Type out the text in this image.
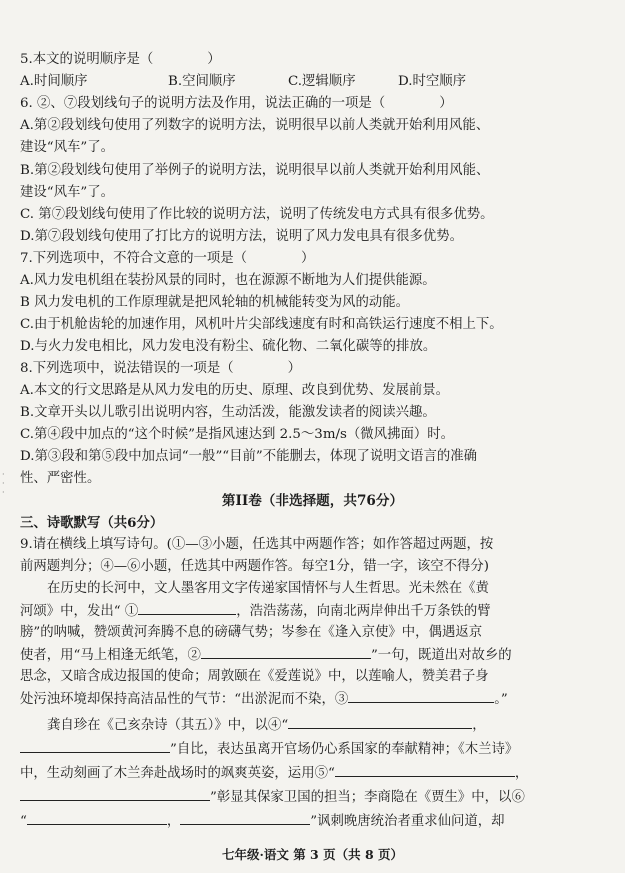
·
·
·
5.本文的说明顺序是（	）
A.时间顺序	B.空间顺序	C.逻辑顺序	D.时空顺序
6. ②、⑦段划线句子的说明方法及作用，说法正确的一项是（	）
A.第②段划线句使用了列数字的说明方法，说明很早以前人类就开始利用风能、
建设“风车”了。
B.第②段划线句使用了举例子的说明方法，说明很早以前人类就开始利用风能、
建设“风车”了。
C. 第⑦段划线句使用了作比较的说明方法，说明了传统发电方式具有很多优势。
D.第⑦段划线句使用了打比方的说明方法，说明了风力发电具有很多优势。
7.下列选项中，不符合文意的一项是（	）
A.风力发电机组在装扮风景的同时，也在源源不断地为人们提供能源。
B 风力发电机的工作原理就是把风轮轴的机械能转变为风的动能。
C.由于机舱齿轮的加速作用，风机叶片尖部线速度有时和高铁运行速度不相上下。
D.与火力发电相比，风力发电没有粉尘、硫化物、二氧化碳等的排放。
8.下列选项中，说法错误的一项是（	）
A.本文的行文思路是从风力发电的历史、原理、改良到优势、发展前景。
B.文章开头以儿歌引出说明内容，生动活泼，能激发读者的阅读兴趣。
C.第④段中加点的“这个时候”是指风速达到 2.5～3m/s（微风拂面）时。
D.第③段和第⑤段中加点词“一般”“目前”不能删去，体现了说明文语言的准确
性、严密性。
第II卷（非选择题，共76分）
三、诗歌默写（共6分）
9.请在横线上填写诗句。(①—③小题，任选其中两题作答；如作答超过两题，按
前两题判分；④—⑥小题，任选其中两题作答。每空1分，错一字，该空不得分)
在历史的长河中，文人墨客用文字传递家国情怀与人生哲思。光未然在《黄
河颂》中，发出“ ①	，浩浩荡荡，向南北两岸伸出千万条铁的臂
膀”的呐喊，赞颂黄河奔腾不息的磅礴气势；岑参在《逢入京使》中，偶遇返京
使者，用“马上相逢无纸笔，②	”一句，既道出对故乡的
思念，又暗含成边报国的使命；周敦颐在《爱莲说》中，以莲喻人，赞美君子身
处污浊环境却保持高洁品性的气节：“出淤泥而不染，③	。”
龚自珍在《己亥杂诗（其五）》中，以④“	，
”自比，表达虽离开官场仍心系国家的奉献精神；《木兰诗》
中，生动刻画了木兰奔赴战场时的飒爽英姿，运用⑤“	，
”彰显其保家卫国的担当；李商隐在《贾生》中，以⑥
“	，	”讽刺晚唐统治者重求仙问道，却
七年级·语文 第 3 页（共 8 页）
